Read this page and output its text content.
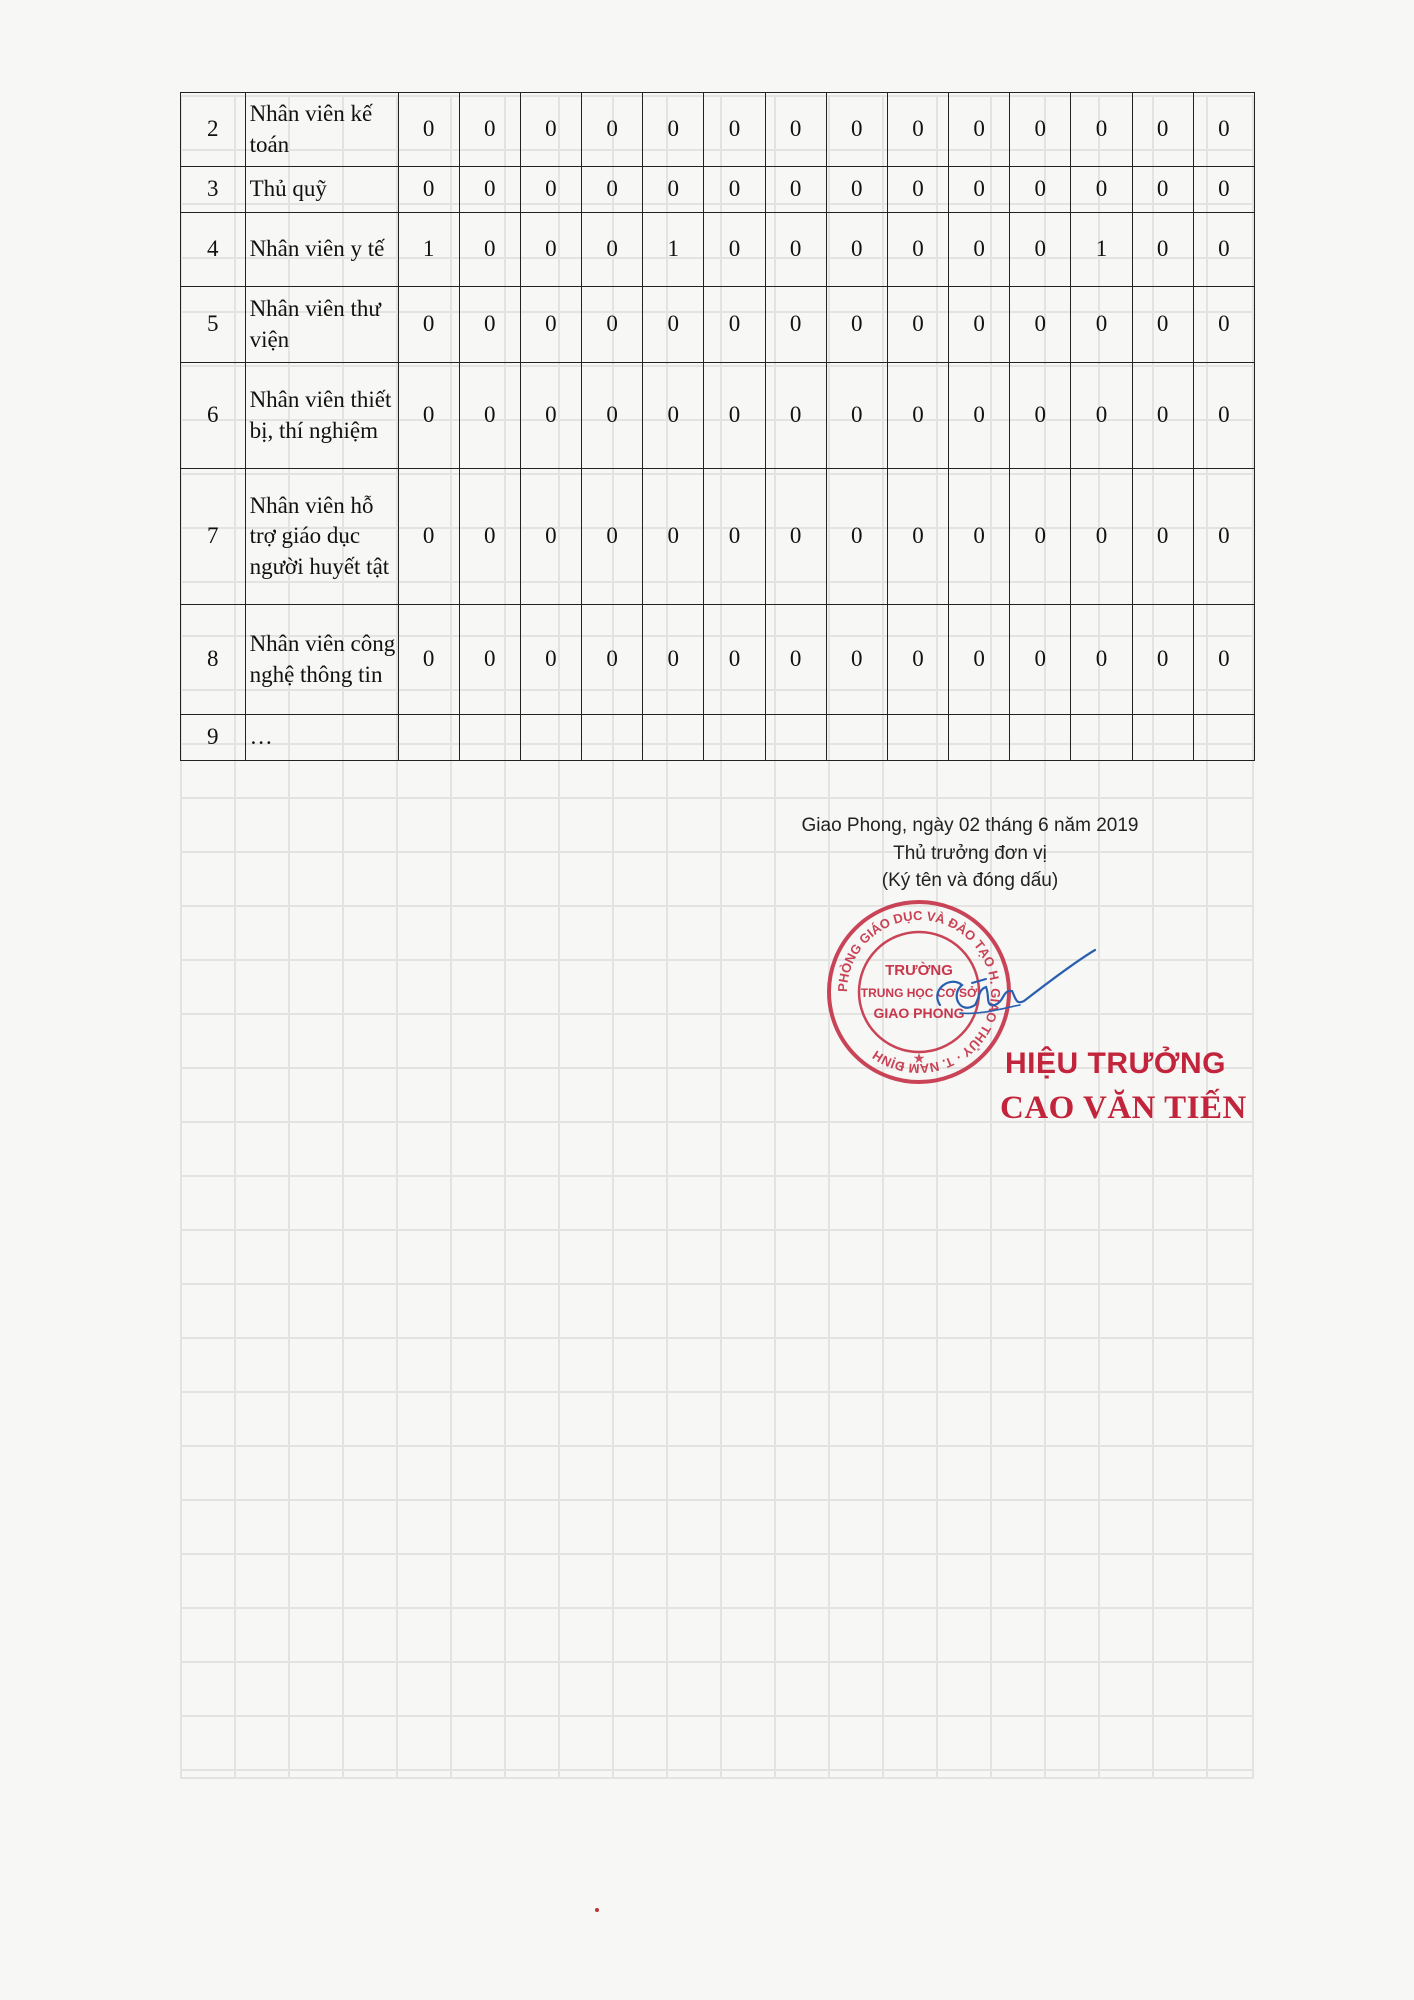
2	Nhân viên kế toán	0	0	0	0	0	0	0	0	0	0	0	0	0	0
3	Thủ quỹ	0	0	0	0	0	0	0	0	0	0	0	0	0	0
4	Nhân viên y tế	1	0	0	0	1	0	0	0	0	0	0	1	0	0
5	Nhân viên thư viện	0	0	0	0	0	0	0	0	0	0	0	0	0	0
6	Nhân viên thiết bị, thí nghiệm	0	0	0	0	0	0	0	0	0	0	0	0	0	0
7	Nhân viên hỗ trợ giáo dục người huyết tật	0	0	0	0	0	0	0	0	0	0	0	0	0	0
8	Nhân viên công nghệ thông tin	0	0	0	0	0	0	0	0	0	0	0	0	0	0
9	…														
Giao Phong, ngày 02 tháng 6 năm 2019
Thủ trưởng đơn vị
(Ký tên và đóng dấu)
PHÒNG GIÁO DỤC VÀ ĐÀO TẠO H. GIAO THỦY · T. NAM ĐỊNH
TRƯỜNG
TRUNG HỌC CƠ SỞ
GIAO PHONG
★	HIỆU TRƯỞNG
CAO VĂN TIẾN
